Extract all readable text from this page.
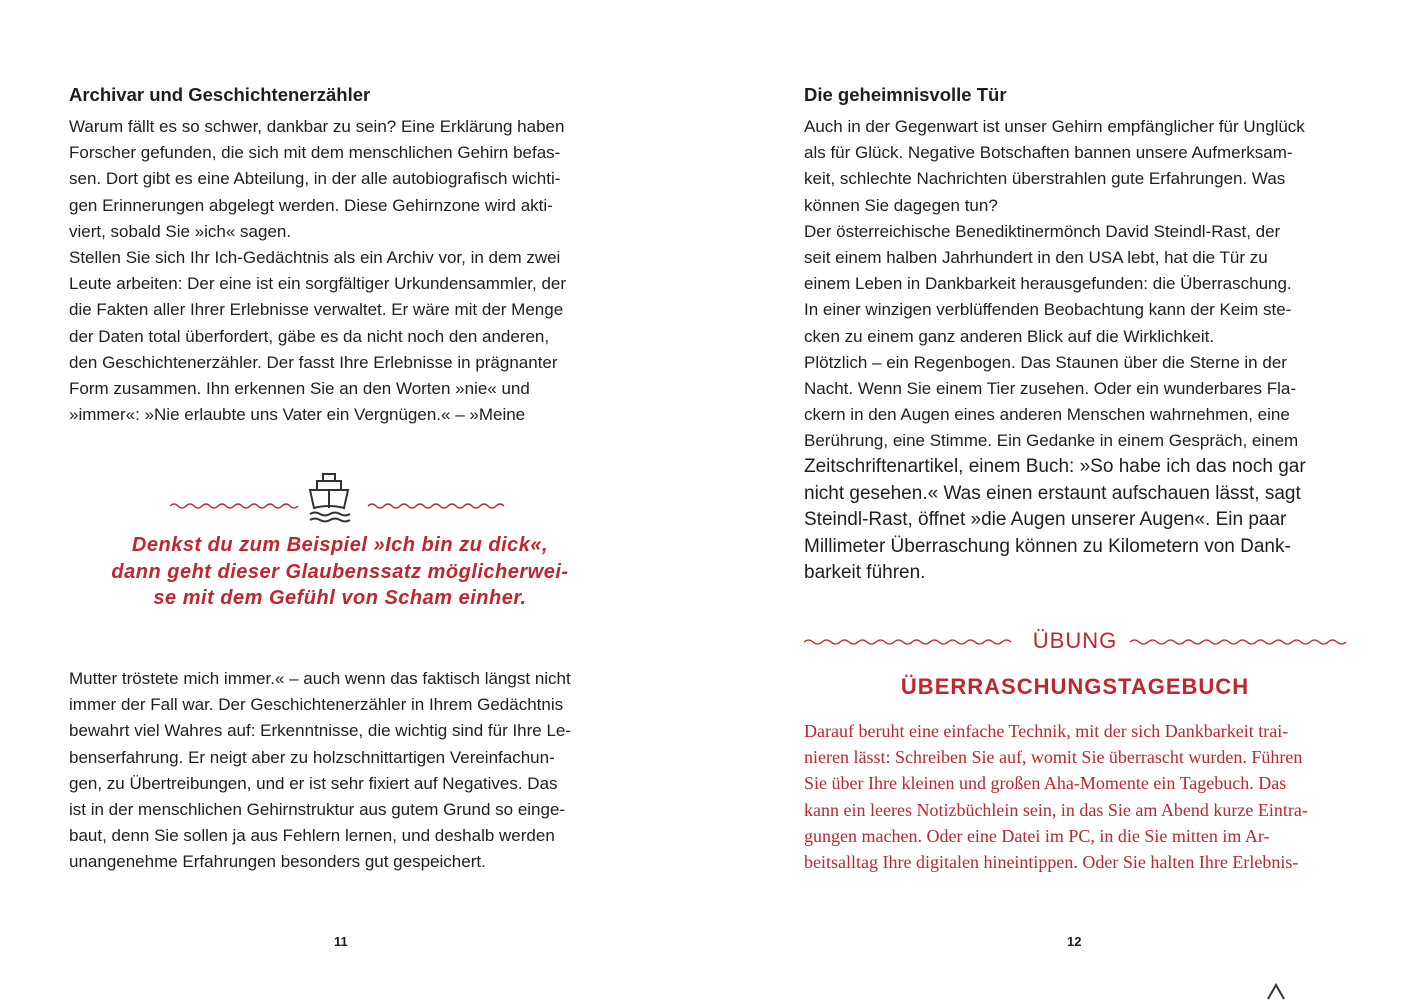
Archivar und Geschichtenerzähler
Warum fällt es so schwer, dankbar zu sein? Eine Erklärung haben
Forscher gefunden, die sich mit dem menschlichen Gehirn befas-
sen. Dort gibt es eine Abteilung, in der alle autobiografisch wichti-
gen Erinnerungen abgelegt werden. Diese Gehirnzone wird akti-
viert, sobald Sie »ich« sagen.
Stellen Sie sich Ihr Ich-Gedächtnis als ein Archiv vor, in dem zwei
Leute arbeiten: Der eine ist ein sorgfältiger Urkundensammler, der
die Fakten aller Ihrer Erlebnisse verwaltet. Er wäre mit der Menge
der Daten total überfordert, gäbe es da nicht noch den anderen,
den Geschichtenerzähler. Der fasst Ihre Erlebnisse in prägnanter
Form zusammen. Ihn erkennen Sie an den Worten »nie« und
»immer«: »Nie erlaubte uns Vater ein Vergnügen.« – »Meine
Denkst du zum Beispiel »Ich bin zu dick«,
dann geht dieser Glaubenssatz möglicherwei-
se mit dem Gefühl von Scham einher.
Mutter tröstete mich immer.« – auch wenn das faktisch längst nicht
immer der Fall war. Der Geschichtenerzähler in Ihrem Gedächtnis
bewahrt viel Wahres auf: Erkenntnisse, die wichtig sind für Ihre Le-
benserfahrung. Er neigt aber zu holzschnittartigen Vereinfachun-
gen, zu Übertreibungen, und er ist sehr fixiert auf Negatives. Das
ist in der menschlichen Gehirnstruktur aus gutem Grund so einge-
baut, denn Sie sollen ja aus Fehlern lernen, und deshalb werden
unangenehme Erfahrungen besonders gut gespeichert.
11
Die geheimnisvolle Tür
Auch in der Gegenwart ist unser Gehirn empfänglicher für Unglück
als für Glück. Negative Botschaften bannen unsere Aufmerksam-
keit, schlechte Nachrichten überstrahlen gute Erfahrungen. Was
können Sie dagegen tun?
Der österreichische Benediktinermönch David Steindl-Rast, der
seit einem halben Jahrhundert in den USA lebt, hat die Tür zu
einem Leben in Dankbarkeit herausgefunden: die Überraschung.
In einer winzigen verblüffenden Beobachtung kann der Keim ste-
cken zu einem ganz anderen Blick auf die Wirklichkeit.
Plötzlich – ein Regenbogen. Das Staunen über die Sterne in der
Nacht. Wenn Sie einem Tier zusehen. Oder ein wunderbares Fla-
ckern in den Augen eines anderen Menschen wahrnehmen, eine
Berührung, eine Stimme. Ein Gedanke in einem Gespräch, einem
Zeitschriftenartikel, einem Buch: »So habe ich das noch gar
nicht gesehen.« Was einen erstaunt aufschauen lässt, sagt
Steindl-Rast, öffnet »die Augen unserer Augen«. Ein paar
Millimeter Überraschung können zu Kilometern von Dank-
barkeit führen.
ÜBUNG
ÜBERRASCHUNGSTAGEBUCH
Darauf beruht eine einfache Technik, mit der sich Dankbarkeit trai-
nieren lässt: Schreiben Sie auf, womit Sie überrascht wurden. Führen
Sie über Ihre kleinen und großen Aha-Momente ein Tagebuch. Das
kann ein leeres Notizbüchlein sein, in das Sie am Abend kurze Eintra-
gungen machen. Oder eine Datei im PC, in die Sie mitten im Ar-
beitsalltag Ihre digitalen hineintippen. Oder Sie halten Ihre Erlebnis-
12
